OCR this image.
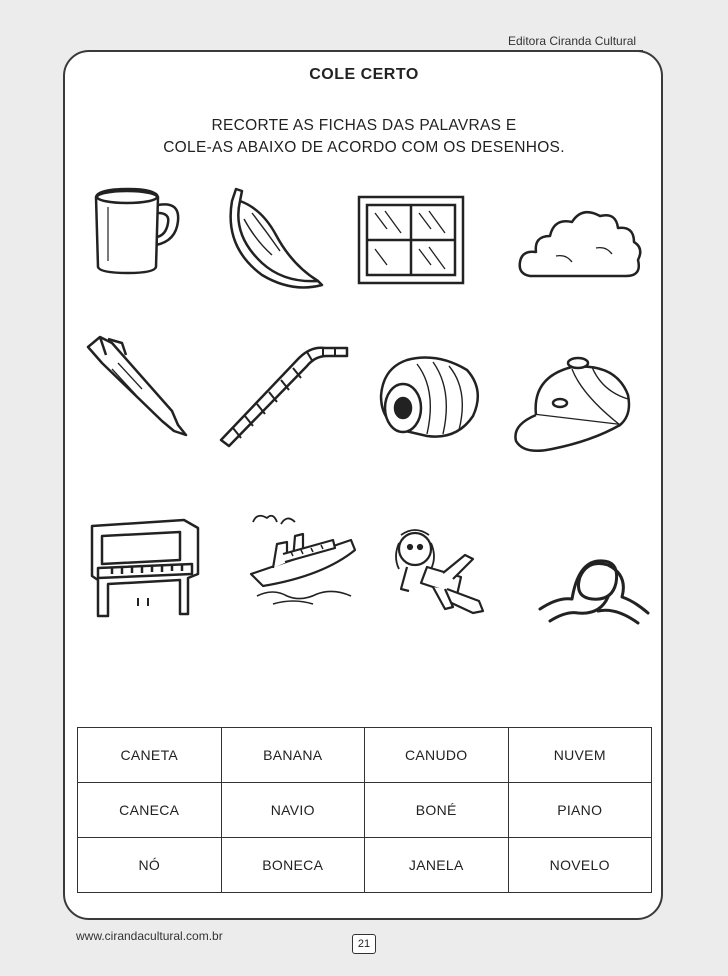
Editora Ciranda Cultural
COLE CERTO
RECORTE AS FICHAS DAS PALAVRAS E
COLE-AS ABAIXO DE ACORDO COM OS DESENHOS.
CANETA	BANANA	CANUDO	NUVEM
CANECA	NAVIO	BONÉ	PIANO
NÓ	BONECA	JANELA	NOVELO
www.cirandacultural.com.br
21
